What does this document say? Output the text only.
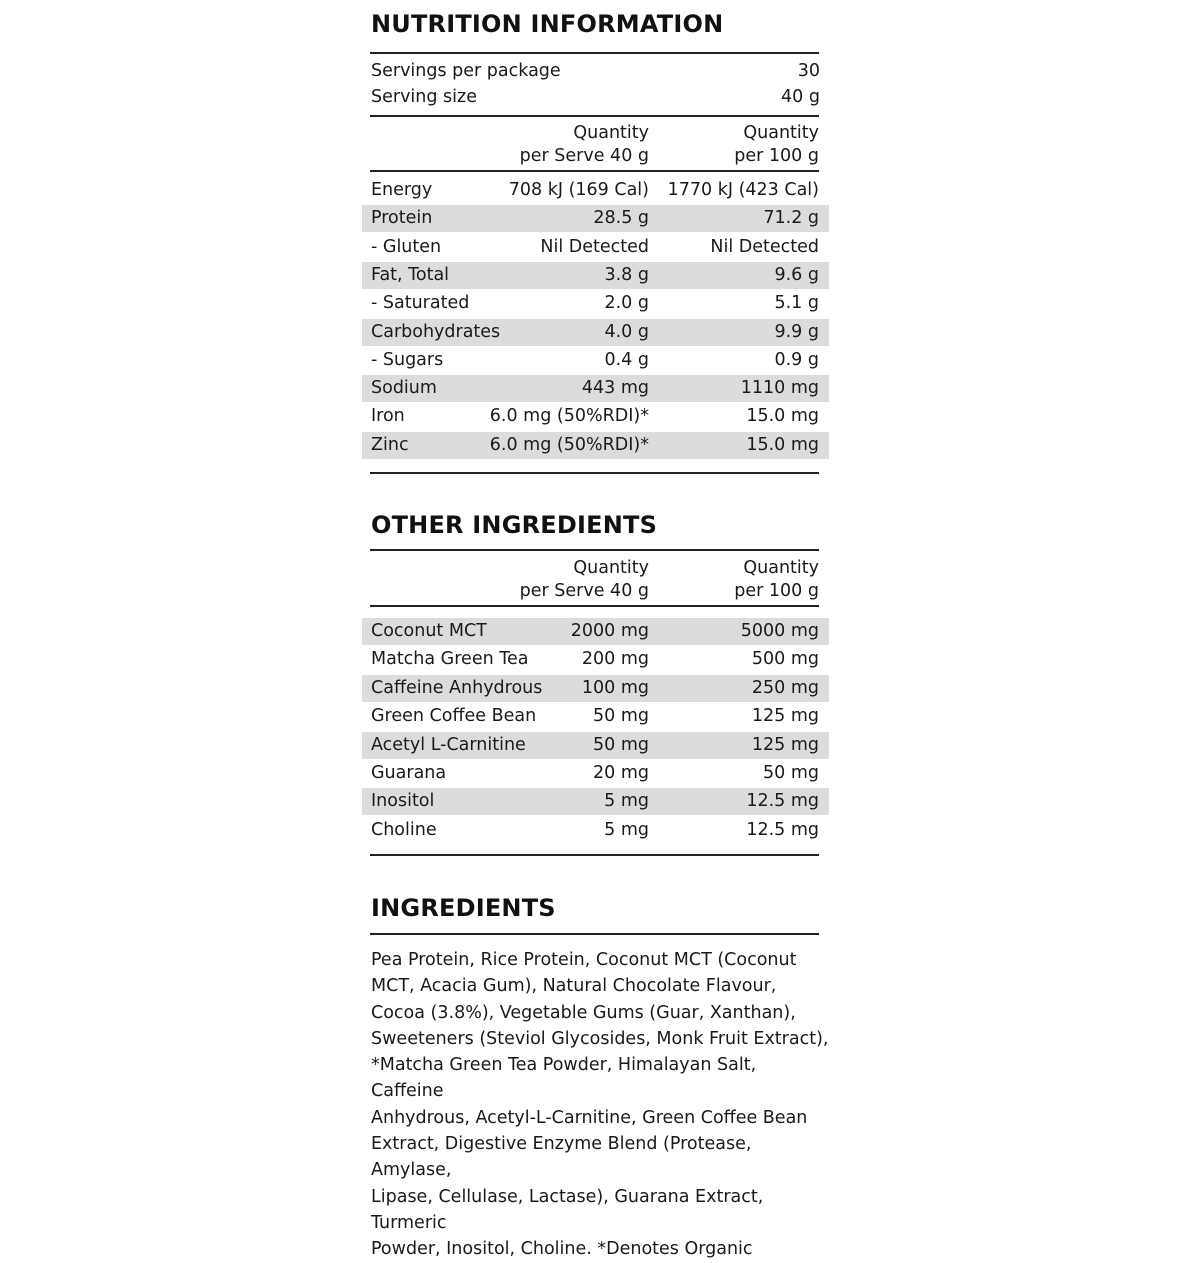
NUTRITION INFORMATION
Servings per package	30
Serving size	40 g
Quantity
per Serve 40 g
Quantity
per 100 g
Energy	708 kJ (169 Cal) 1770 kJ (423 Cal)
Protein	28.5 g	71.2 g
- Gluten	Nil Detected	Nil Detected
Fat, Total	3.8 g	9.6 g
- Saturated	2.0 g	5.1 g
Carbohydrates	4.0 g	9.9 g
- Sugars	0.4 g	0.9 g
Sodium	443 mg	1110 mg
Iron	6.0 mg (50%RDI)*	15.0 mg
Zinc	6.0 mg (50%RDI)*	15.0 mg
OTHER INGREDIENTS
Quantity
per Serve 40 g
Quantity
per 100 g
Coconut MCT	2000 mg	5000 mg
Matcha Green Tea	200 mg	500 mg
Caffeine Anhydrous 100 mg	250 mg
Green Coffee Bean	50 mg	125 mg
Acetyl L-Carnitine	50 mg	125 mg
Guarana	20 mg	50 mg
Inositol	5 mg	12.5 mg
Choline	5 mg	12.5 mg
INGREDIENTS
Pea Protein, Rice Protein, Coconut MCT (Coconut
MCT, Acacia Gum), Natural Chocolate Flavour,
Cocoa (3.8%), Vegetable Gums (Guar, Xanthan),
Sweeteners (Steviol Glycosides, Monk Fruit Extract),
*Matcha Green Tea Powder, Himalayan Salt, Caffeine
Anhydrous, Acetyl-L-Carnitine, Green Coffee Bean
Extract, Digestive Enzyme Blend (Protease, Amylase,
Lipase, Cellulase, Lactase), Guarana Extract, Turmeric
Powder, Inositol, Choline. *Denotes Organic
